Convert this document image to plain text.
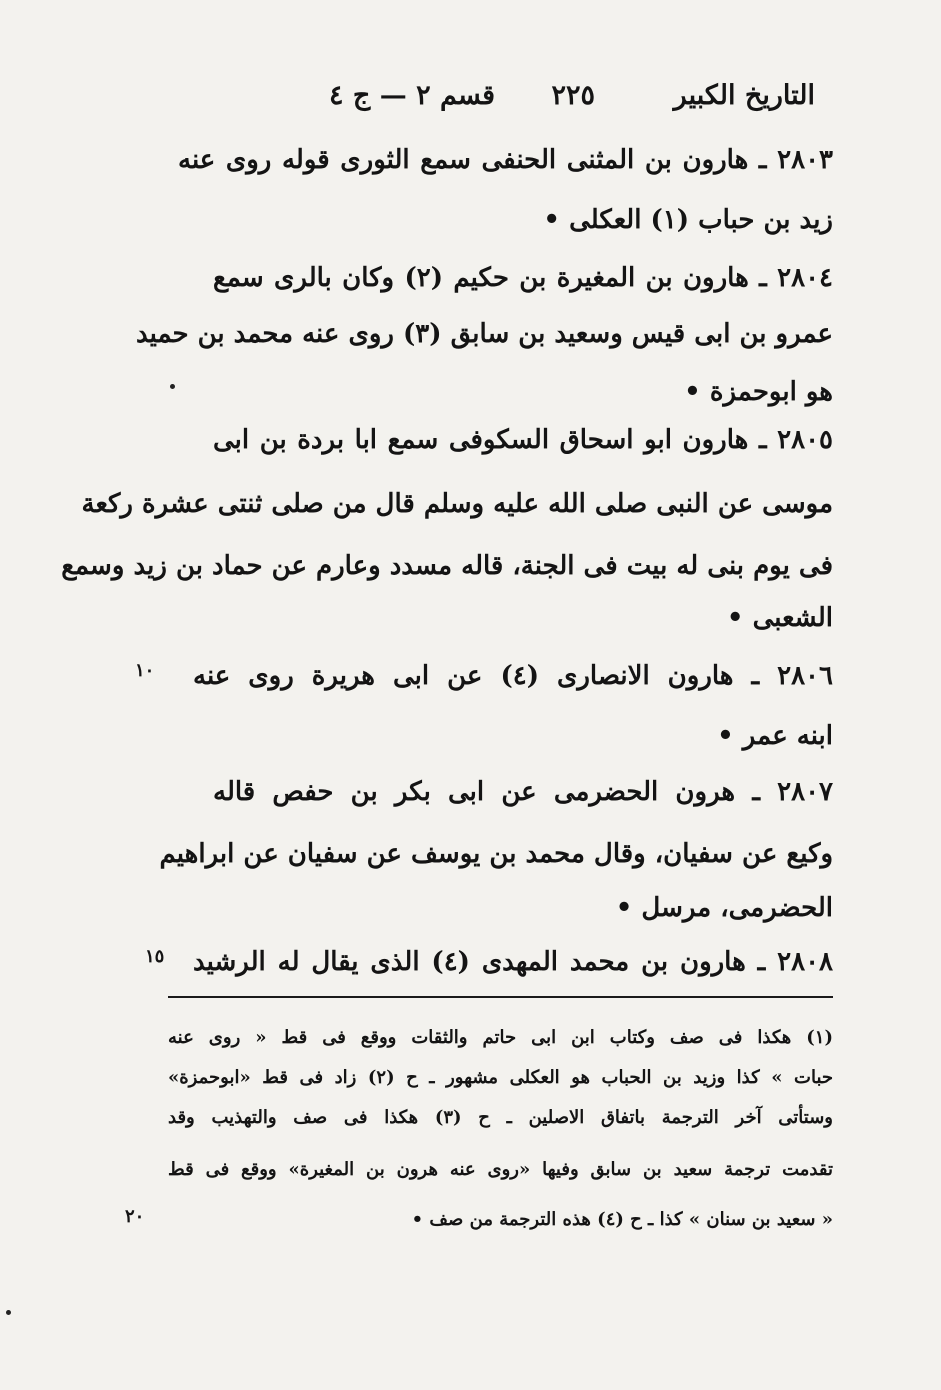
التاريخ الكبير
٢٢٥
قسم ٢ — ج ٤
٢٨٠٣ ـ هارون بن المثنى الحنفى سمع الثورى قوله روى عنه
زيد بن حباب (١) العكلى •
٢٨٠٤ ـ هارون بن المغيرة بن حكيم (٢) وكان بالرى سمع
عمرو بن ابى قيس وسعيد بن سابق (٣) روى عنه محمد بن حميد
هو ابوحمزة •
٢٨٠٥ ـ هارون ابو اسحاق السكوفى سمع ابا بردة بن ابى
موسى عن النبى صلى الله عليه وسلم قال من صلى ثنتى عشرة ركعة
فى يوم بنى له بيت فى الجنة، قاله مسدد وعارم عن حماد بن زيد وسمع
الشعبى •
٢٨٠٦ ـ هارون الانصارى (٤) عن ابى هريرة روى عنه
١٠
ابنه عمر •
٢٨٠٧ ـ هرون الحضرمى عن ابى بكر بن حفص قاله
وكيع عن سفيان، وقال محمد بن يوسف عن سفيان عن ابراهيم
الحضرمى، مرسل •
٢٨٠٨ ـ هارون بن محمد المهدى (٤) الذى يقال له الرشيد
١٥
(١) هكذا فى صف وكتاب ابن ابى حاتم والثقات ووقع فى قط « روى عنه
حبات » كذا وزيد بن الحباب هو العكلى مشهور ـ ح (٢) زاد فى قط «ابوحمزة»
وستأتى آخر الترجمة باتفاق الاصلين ـ ح (٣) هكذا فى صف والتهذيب وقد
تقدمت ترجمة سعيد بن سابق وفيها «روى عنه هرون بن المغيرة» ووقع فى قط
« سعيد بن سنان » كذا ـ ح (٤) هذه الترجمة من صف •
٢٠
